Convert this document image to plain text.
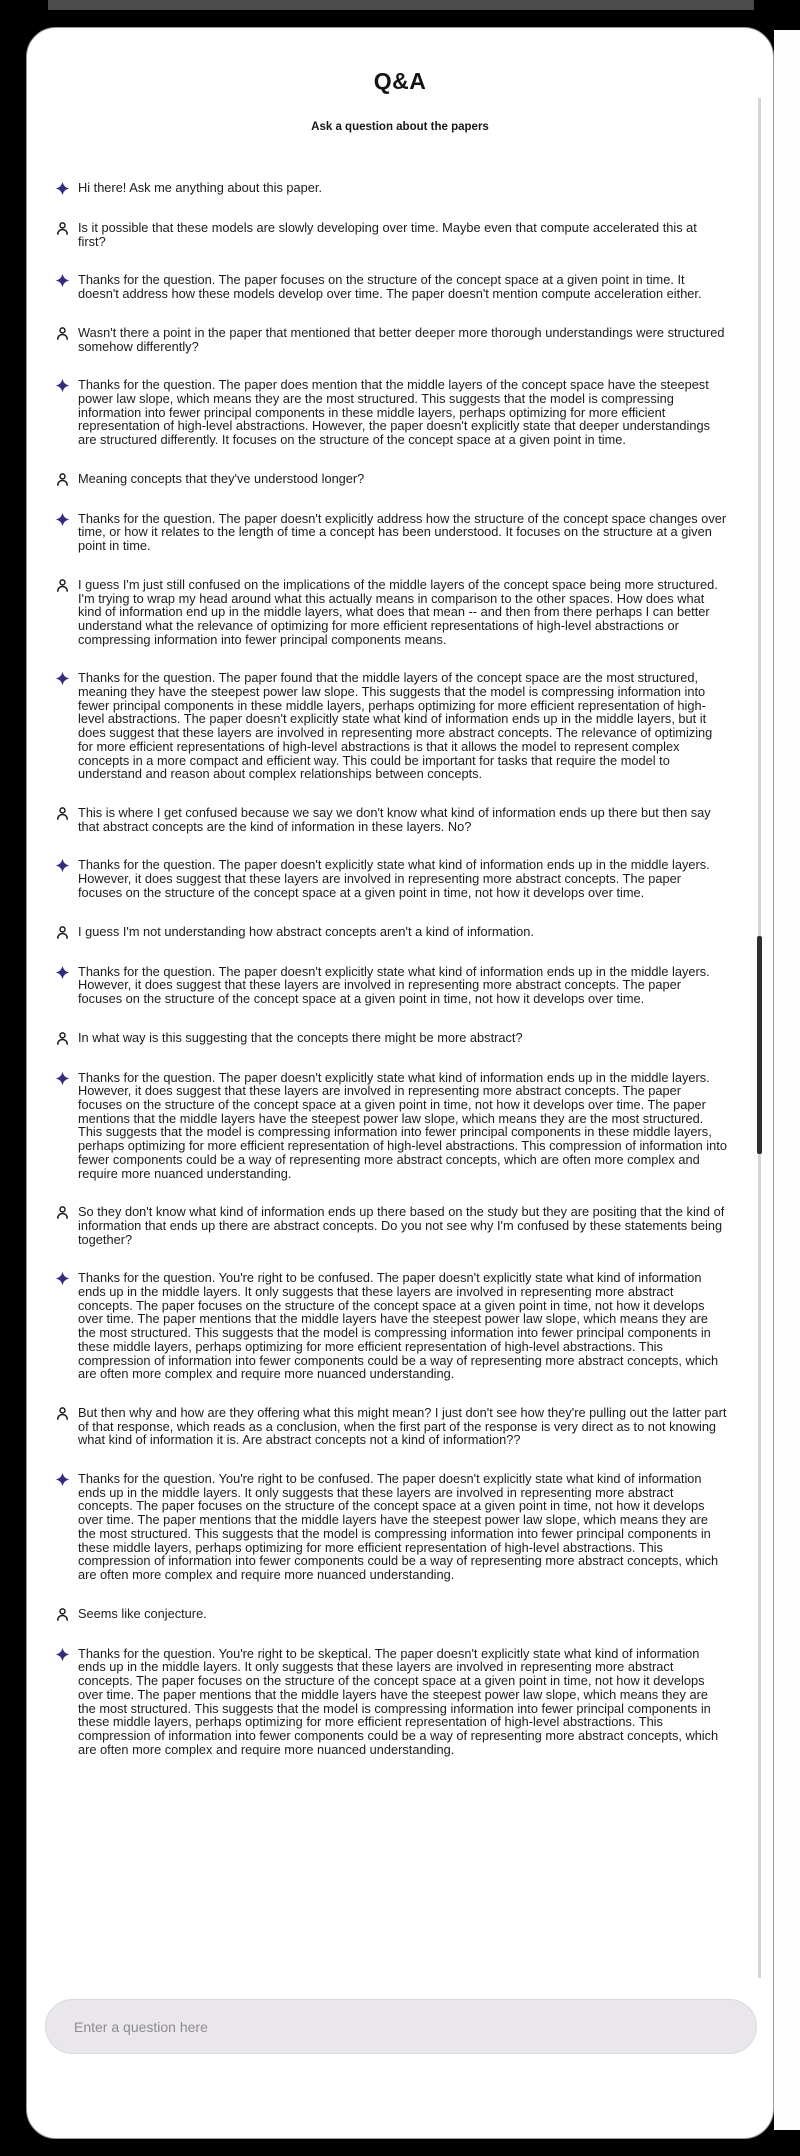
Q&A
Ask a question about the papers
Hi there! Ask me anything about this paper.
Is it possible that these models are slowly developing over time. Maybe even that compute accelerated this at first?
Thanks for the question. The paper focuses on the structure of the concept space at a given point in time. It doesn't address how these models develop over time. The paper doesn't mention compute acceleration either.
Wasn't there a point in the paper that mentioned that better deeper more thorough understandings were structured somehow differently?
Thanks for the question. The paper does mention that the middle layers of the concept space have the steepest power law slope, which means they are the most structured. This suggests that the model is compressing information into fewer principal components in these middle layers, perhaps optimizing for more efficient representation of high-level abstractions. However, the paper doesn't explicitly state that deeper understandings are structured differently. It focuses on the structure of the concept space at a given point in time.
Meaning concepts that they've understood longer?
Thanks for the question. The paper doesn't explicitly address how the structure of the concept space changes over time, or how it relates to the length of time a concept has been understood. It focuses on the structure at a given point in time.
I guess I'm just still confused on the implications of the middle layers of the concept space being more structured. I'm trying to wrap my head around what this actually means in comparison to the other spaces. How does what kind of information end up in the middle layers, what does that mean -- and then from there perhaps I can better understand what the relevance of optimizing for more efficient representations of high-level abstractions or compressing information into fewer principal components means.
Thanks for the question. The paper found that the middle layers of the concept space are the most structured, meaning they have the steepest power law slope. This suggests that the model is compressing information into fewer principal components in these middle layers, perhaps optimizing for more efficient representation of high-level abstractions. The paper doesn't explicitly state what kind of information ends up in the middle layers, but it does suggest that these layers are involved in representing more abstract concepts. The relevance of optimizing for more efficient representations of high-level abstractions is that it allows the model to represent complex concepts in a more compact and efficient way. This could be important for tasks that require the model to understand and reason about complex relationships between concepts.
This is where I get confused because we say we don't know what kind of information ends up there but then say that abstract concepts are the kind of information in these layers. No?
Thanks for the question. The paper doesn't explicitly state what kind of information ends up in the middle layers. However, it does suggest that these layers are involved in representing more abstract concepts. The paper focuses on the structure of the concept space at a given point in time, not how it develops over time.
I guess I'm not understanding how abstract concepts aren't a kind of information.
Thanks for the question. The paper doesn't explicitly state what kind of information ends up in the middle layers. However, it does suggest that these layers are involved in representing more abstract concepts. The paper focuses on the structure of the concept space at a given point in time, not how it develops over time.
In what way is this suggesting that the concepts there might be more abstract?
Thanks for the question. The paper doesn't explicitly state what kind of information ends up in the middle layers. However, it does suggest that these layers are involved in representing more abstract concepts. The paper focuses on the structure of the concept space at a given point in time, not how it develops over time. The paper mentions that the middle layers have the steepest power law slope, which means they are the most structured. This suggests that the model is compressing information into fewer principal components in these middle layers, perhaps optimizing for more efficient representation of high-level abstractions. This compression of information into fewer components could be a way of representing more abstract concepts, which are often more complex and require more nuanced understanding.
So they don't know what kind of information ends up there based on the study but they are positing that the kind of information that ends up there are abstract concepts. Do you not see why I'm confused by these statements being together?
Thanks for the question. You're right to be confused. The paper doesn't explicitly state what kind of information ends up in the middle layers. It only suggests that these layers are involved in representing more abstract concepts. The paper focuses on the structure of the concept space at a given point in time, not how it develops over time. The paper mentions that the middle layers have the steepest power law slope, which means they are the most structured. This suggests that the model is compressing information into fewer principal components in these middle layers, perhaps optimizing for more efficient representation of high-level abstractions. This compression of information into fewer components could be a way of representing more abstract concepts, which are often more complex and require more nuanced understanding.
But then why and how are they offering what this might mean? I just don't see how they're pulling out the latter part of that response, which reads as a conclusion, when the first part of the response is very direct as to not knowing what kind of information it is. Are abstract concepts not a kind of information??
Thanks for the question. You're right to be confused. The paper doesn't explicitly state what kind of information ends up in the middle layers. It only suggests that these layers are involved in representing more abstract concepts. The paper focuses on the structure of the concept space at a given point in time, not how it develops over time. The paper mentions that the middle layers have the steepest power law slope, which means they are the most structured. This suggests that the model is compressing information into fewer principal components in these middle layers, perhaps optimizing for more efficient representation of high-level abstractions. This compression of information into fewer components could be a way of representing more abstract concepts, which are often more complex and require more nuanced understanding.
Seems like conjecture.
Thanks for the question. You're right to be skeptical. The paper doesn't explicitly state what kind of information ends up in the middle layers. It only suggests that these layers are involved in representing more abstract concepts. The paper focuses on the structure of the concept space at a given point in time, not how it develops over time. The paper mentions that the middle layers have the steepest power law slope, which means they are the most structured. This suggests that the model is compressing information into fewer principal components in these middle layers, perhaps optimizing for more efficient representation of high-level abstractions. This compression of information into fewer components could be a way of representing more abstract concepts, which are often more complex and require more nuanced understanding.
Enter a question here
